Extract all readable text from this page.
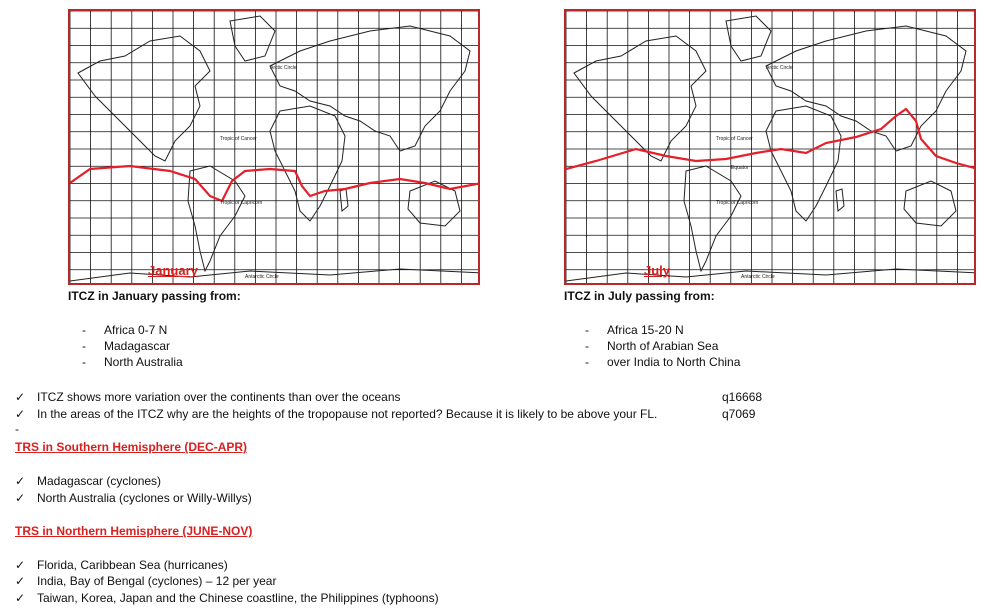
Arctic Circle
Tropic of Cancer
Tropic of Capricorn
Antarctic Circle
January
Arctic Circle
Tropic of Cancer
Equator
Tropic of Capricorn
Antarctic Circle
July
ITCZ in January passing from:	ITCZ in July passing from:
- Africa 0-7 N
- Madagascar
- North Australia
- Africa 15-20 N
- North of Arabian Sea
- over India to North China
✓ ITCZ shows more variation over the continents than over the oceans	q16668
✓ In the areas of the ITCZ why are the heights of the tropopause not reported? Because it is likely to be above your FL.	q7069
-
TRS in Southern Hemisphere (DEC-APR)
✓ Madagascar (cyclones)
✓ North Australia (cyclones or Willy-Willys)
TRS in Northern Hemisphere (JUNE-NOV)
✓ Florida, Caribbean Sea (hurricanes)
✓ India, Bay of Bengal (cyclones) – 12 per year
✓ Taiwan, Korea, Japan and the Chinese coastline, the Philippines (typhoons)
